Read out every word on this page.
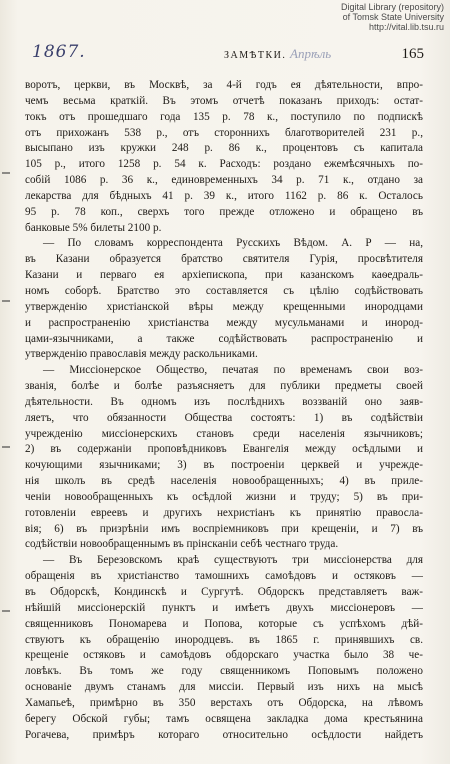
Digital Library (repository)
of Tomsk State University
http://vital.lib.tsu.ru
1867.	ЗАМѢТКИ. Апрѣль	165
воротъ, церкви, въ Москвѣ, за 4-й годъ ея дѣятельности, впро-
чемъ весьма краткій. Въ этомъ отчетѣ показанъ приходъ: остат-
токъ отъ прошедшаго года 135 р. 78 к., поступило по подпискѣ
отъ прихожанъ 538 р., отъ стороннихъ благотворителей 231 р.,
высыпано изъ кружки 248 р. 86 к., процентовъ съ капитала
105 р., итого 1258 р. 54 к. Расходъ: роздано ежемѣсячныхъ по-
собій 1086 р. 36 к., единовременныхъ 34 р. 71 к., отдано за
лекарства для бѣдныхъ 41 р. 39 к., итого 1162 р. 86 к. Осталось
95 р. 78 коп., сверхъ того прежде отложено и обращено въ
банковые 5% билеты 2100 р.
— По словамъ корреспондента Русскихъ Вѣдом. А. Р — на,
въ Казани образуется братство святителя Гурія, просвѣтителя
Казани и перваго ея архіепископа, при казанскомъ каѳедраль-
номъ соборѣ. Братство это составляется съ цѣлію содѣйствовать
утвержденію христіанской вѣры между крещенными инородцами
и распространенію христіанства между мусульманами и инород-
цами-язычниками, а также содѣйствовать распространенію и
утвержденію православія между раскольниками.
— Миссіонерское Общество, печатая по временамъ свои воз-
званія, болѣе и болѣе разъясняетъ для публики предметы своей
дѣятельности. Въ одномъ изъ послѣднихъ воззваній оно заяв-
ляетъ, что обязанности Общества состоятъ: 1) въ содѣйствіи
учрежденію миссіонерскихъ становъ среди населенія язычниковъ;
2) въ содержаніи проповѣдниковъ Евангелія между осѣдлыми и
кочующими язычниками; 3) въ построеніи церквей и учрежде-
нія школъ въ средѣ населенія новообращенныхъ; 4) въ приле-
ченіи новообращенныхъ къ осѣдлой жизни и труду; 5) въ при-
готовленіи евреевъ и другихъ нехристіанъ къ принятію правосла-
вія; 6) въ призрѣніи имъ воспріемниковъ при крещеніи, и 7) въ
содѣйствіи новообращеннымъ въ прінсканіи себѣ честнаго труда.
— Въ Березовскомъ краѣ существуютъ три миссіонерства для
обращенія въ христіанство тамошнихъ самоѣдовъ и остяковъ —
въ Обдорскѣ, Кондинскѣ и Сургутѣ. Обдорскъ представляетъ важ-
нѣйшій миссіонерскій пунктъ и имѣетъ двухъ миссіонеровъ —
священниковъ Пономарева и Попова, которые съ успѣхомъ дѣй-
ствуютъ къ обращенію инородцевъ. въ 1865 г. принявшихъ св.
крещеніе остяковъ и самоѣдовъ обдорскаго участка было 38 че-
ловѣкъ. Въ томъ же году священникомъ Поповымъ положено
основаніе двумъ станамъ для миссіи. Первый изъ нихъ на мысѣ
Хамапьеѣ, примѣрно въ 350 верстахъ отъ Обдорска, на лѣвомъ
берегу Обской губы; тамъ освящена закладка дома крестьянина
Рогачева, примѣръ котораго относительно осѣдлости найдетъ
